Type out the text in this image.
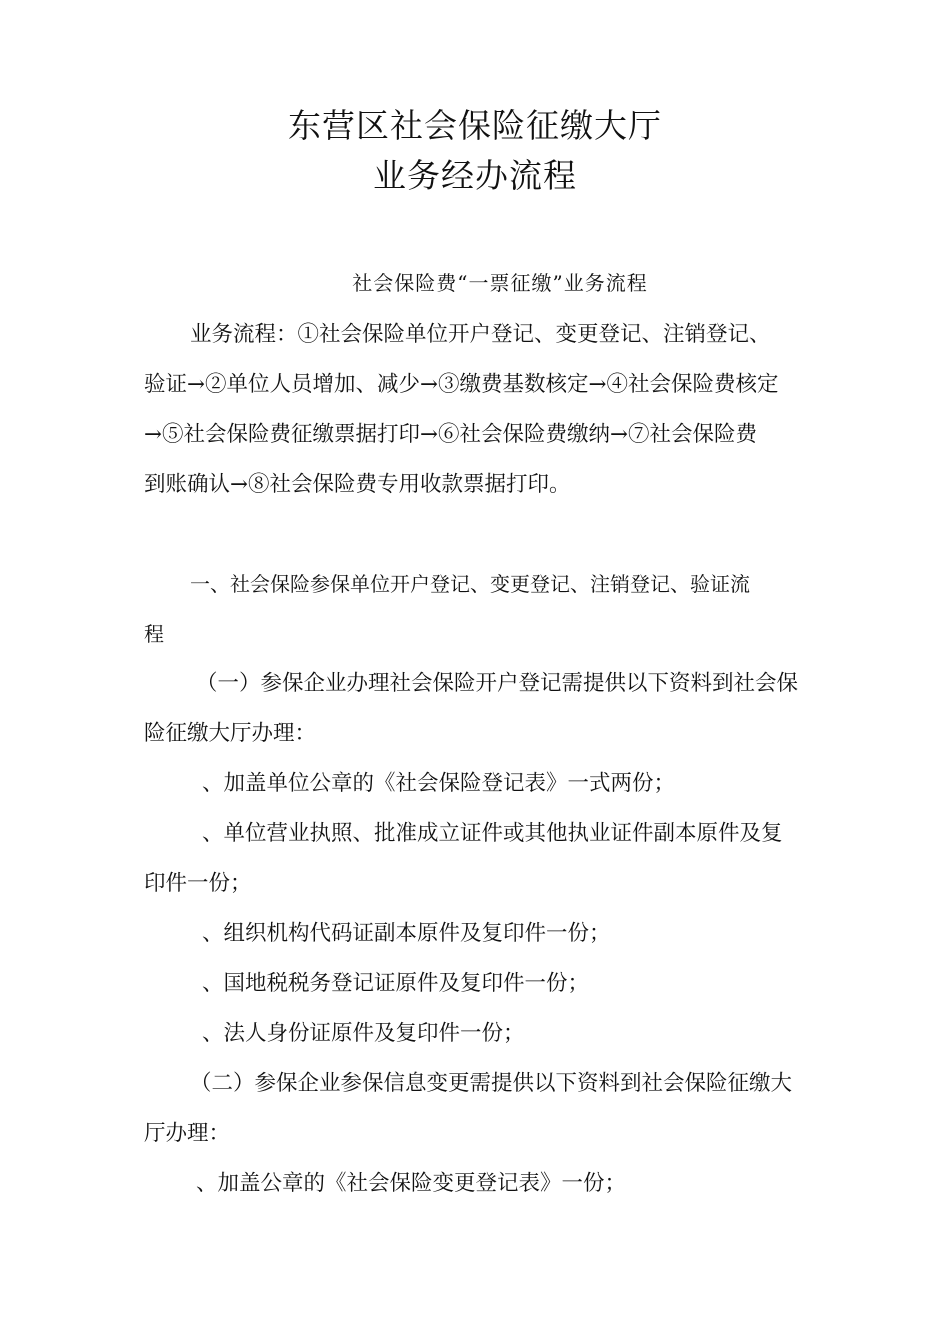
东营区社会保险征缴大厅
业务经办流程
社会保险费“一票征缴”业务流程
业务流程：①社会保险单位开户登记、变更登记、注销登记、
验证→②单位人员增加、减少→③缴费基数核定→④社会保险费核定
→⑤社会保险费征缴票据打印→⑥社会保险费缴纳→⑦社会保险费
到账确认→⑧社会保险费专用收款票据打印。
一、社会保险参保单位开户登记、变更登记、注销登记、验证流
程
（一）参保企业办理社会保险开户登记需提供以下资料到社会保
险征缴大厅办理：
、加盖单位公章的《社会保险登记表》一式两份；
、单位营业执照、批准成立证件或其他执业证件副本原件及复
印件一份；
、组织机构代码证副本原件及复印件一份；
、国地税税务登记证原件及复印件一份；
、法人身份证原件及复印件一份；
（二）参保企业参保信息变更需提供以下资料到社会保险征缴大
厅办理：
、加盖公章的《社会保险变更登记表》一份；
